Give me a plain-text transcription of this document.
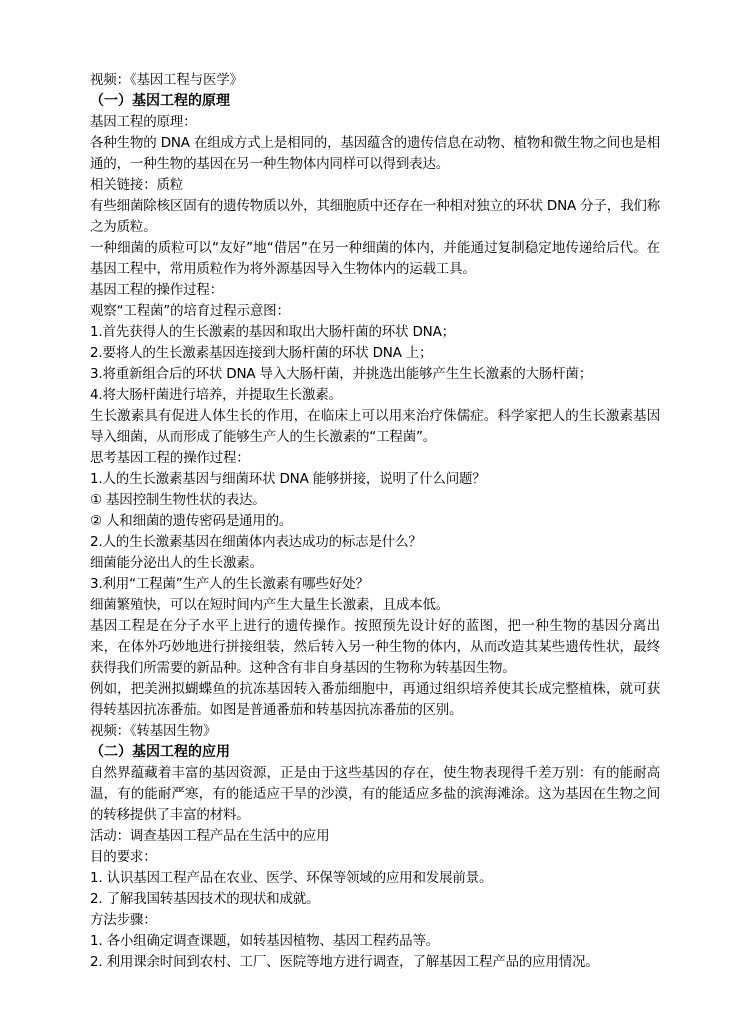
视频：《基因工程与医学》
（一）基因工程的原理
基因工程的原理：
各种生物的 DNA 在组成方式上是相同的，基因蕴含的遗传信息在动物、植物和微生物之间也是相通的，一种生物的基因在另一种生物体内同样可以得到表达。
相关链接：质粒
有些细菌除核区固有的遗传物质以外，其细胞质中还存在一种相对独立的环状 DNA 分子，我们称之为质粒。
一种细菌的质粒可以“友好”地“借居”在另一种细菌的体内，并能通过复制稳定地传递给后代。在基因工程中，常用质粒作为将外源基因导入生物体内的运载工具。
基因工程的操作过程：
观察“工程菌”的培育过程示意图：
1.首先获得人的生长激素的基因和取出大肠杆菌的环状 DNA；
2.要将人的生长激素基因连接到大肠杆菌的环状 DNA 上；
3.将重新组合后的环状 DNA 导入大肠杆菌，并挑选出能够产生生长激素的大肠杆菌；
4.将大肠杆菌进行培养，并提取生长激素。
生长激素具有促进人体生长的作用，在临床上可以用来治疗侏儒症。科学家把人的生长激素基因导入细菌，从而形成了能够生产人的生长激素的“工程菌”。
思考基因工程的操作过程：
1.人的生长激素基因与细菌环状 DNA 能够拼接，说明了什么问题？
① 基因控制生物性状的表达。
② 人和细菌的遗传密码是通用的。
2.人的生长激素基因在细菌体内表达成功的标志是什么？
细菌能分泌出人的生长激素。
3.利用“工程菌”生产人的生长激素有哪些好处？
细菌繁殖快，可以在短时间内产生大量生长激素，且成本低。
基因工程是在分子水平上进行的遗传操作。按照预先设计好的蓝图，把一种生物的基因分离出来，在体外巧妙地进行拼接组装，然后转入另一种生物的体内，从而改造其某些遗传性状，最终获得我们所需要的新品种。这种含有非自身基因的生物称为转基因生物。
例如，把美洲拟蝴蝶鱼的抗冻基因转入番茄细胞中，再通过组织培养使其长成完整植株，就可获得转基因抗冻番茄。如图是普通番茄和转基因抗冻番茄的区别。
视频：《转基因生物》
（二）基因工程的应用
自然界蕴藏着丰富的基因资源，正是由于这些基因的存在，使生物表现得千差万别：有的能耐高温，有的能耐严寒，有的能适应干旱的沙漠，有的能适应多盐的滨海滩涂。这为基因在生物之间的转移提供了丰富的材料。
活动：调查基因工程产品在生活中的应用
目的要求：
1. 认识基因工程产品在农业、医学、环保等领域的应用和发展前景。
2. 了解我国转基因技术的现状和成就。
方法步骤：
1. 各小组确定调查课题，如转基因植物、基因工程药品等。
2. 利用课余时间到农村、工厂、医院等地方进行调查，了解基因工程产品的应用情况。
